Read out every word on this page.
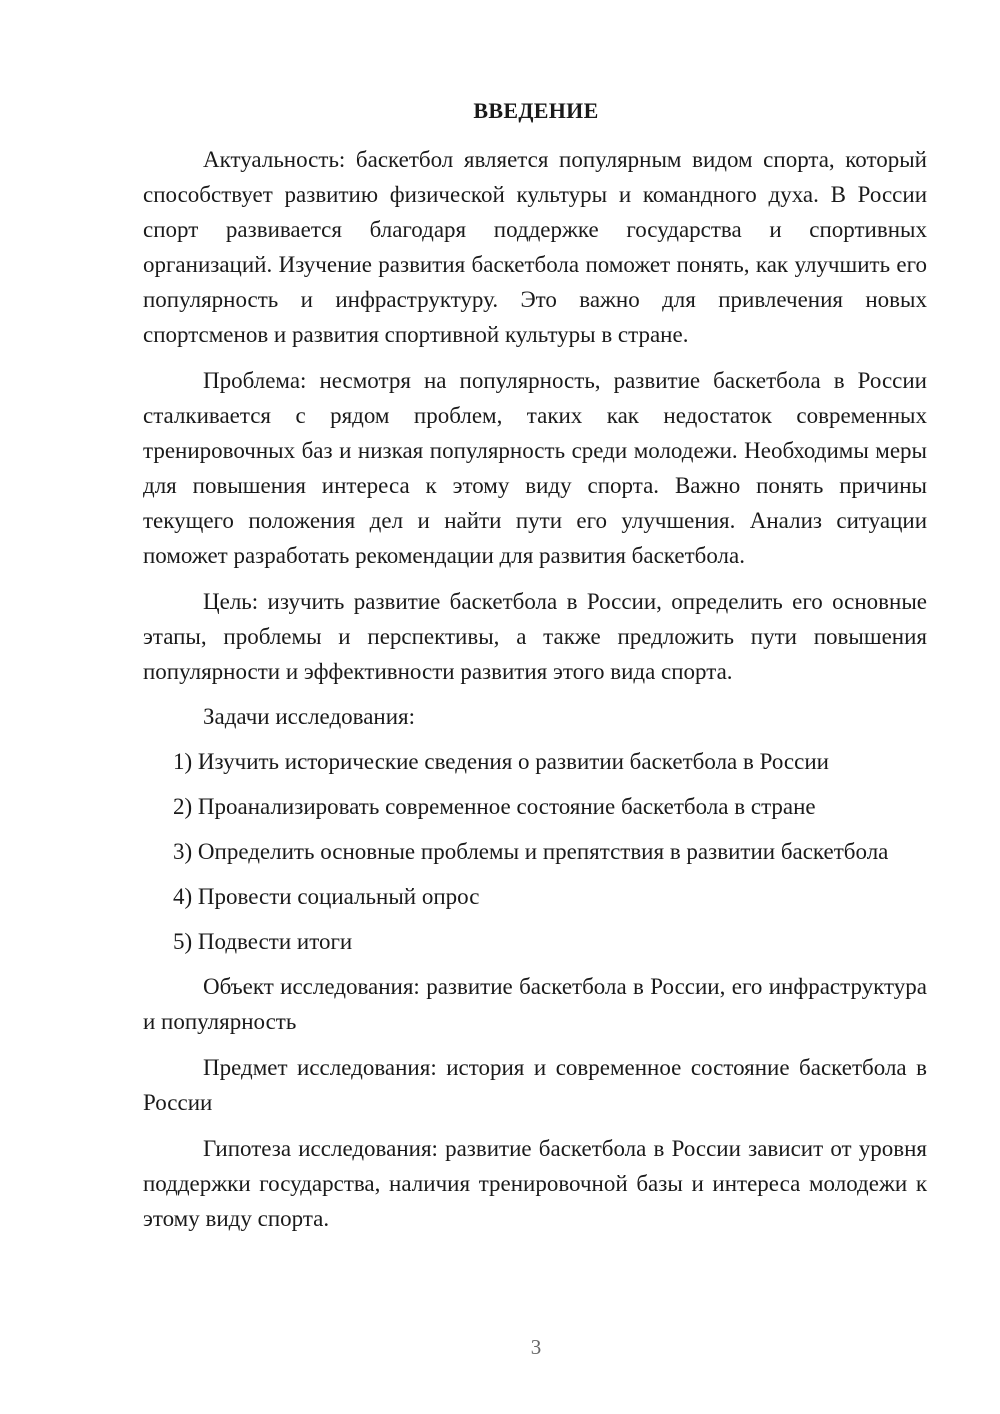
ВВЕДЕНИЕ

Актуальность: баскетбол является популярным видом спорта, который способствует развитию физической культуры и командного духа. В России спорт развивается благодаря поддержке государства и спортивных организаций. Изучение развития баскетбола поможет понять, как улучшить его популярность и инфраструктуру. Это важно для привлечения новых спортсменов и развития спортивной культуры в стране.

Проблема: несмотря на популярность, развитие баскетбола в России сталкивается с рядом проблем, таких как недостаток современных тренировочных баз и низкая популярность среди молодежи. Необходимы меры для повышения интереса к этому виду спорта. Важно понять причины текущего положения дел и найти пути его улучшения. Анализ ситуации поможет разработать рекомендации для развития баскетбола.

Цель: изучить развитие баскетбола в России, определить его основные этапы, проблемы и перспективы, а также предложить пути повышения популярности и эффективности развития этого вида спорта.

Задачи исследования:

1) Изучить исторические сведения о развитии баскетбола в России

2) Проанализировать современное состояние баскетбола в стране

3) Определить основные проблемы и препятствия в развитии баскетбола

4) Провести социальный опрос

5) Подвести итоги

Объект исследования: развитие баскетбола в России, его инфраструктура и популярность

Предмет исследования: история и современное состояние баскетбола в России

Гипотеза исследования: развитие баскетбола в России зависит от уровня поддержки государства, наличия тренировочной базы и интереса молодежи к этому виду спорта.

3
